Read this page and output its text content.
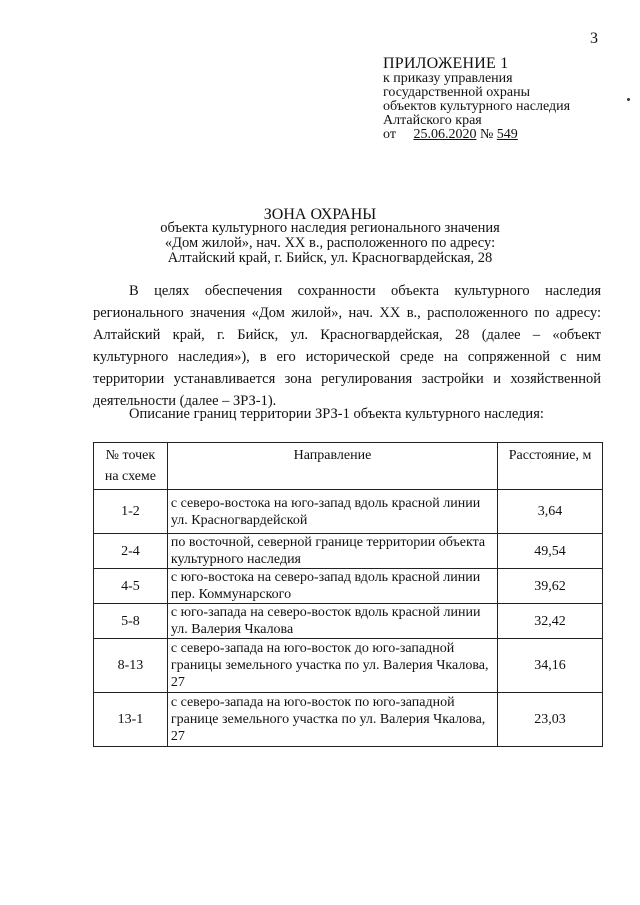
3
ПРИЛОЖЕНИЕ 1
к приказу управления
государственной охраны
объектов культурного наследия
Алтайского края
от 25.06.2020 № 549
ЗОНА ОХРАНЫ
объекта культурного наследия регионального значения
«Дом жилой», нач. XX в., расположенного по адресу:
Алтайский край, г. Бийск, ул. Красногвардейская, 28
В целях обеспечения сохранности объекта культурного наследия регионального значения «Дом жилой», нач. XX в., расположенного по адресу: Алтайский край, г. Бийск, ул. Красногвардейская, 28 (далее – «объект культурного наследия»), в его исторической среде на сопряженной с ним территории устанавливается зона регулирования застройки и хозяйственной деятельности (далее – ЗРЗ-1).
Описание границ территории ЗРЗ-1 объекта культурного наследия:
№ точек
на схеме	Направление	Расстояние, м
1-2	с северо-востока на юго-запад вдоль красной линии ул. Красногвардейской	3,64
2-4	по восточной, северной границе территории объекта культурного наследия	49,54
4-5	с юго-востока на северо-запад вдоль красной линии пер. Коммунарского	39,62
5-8	с юго-запада на северо-восток вдоль красной линии ул. Валерия Чкалова	32,42
8-13	с северо-запада на юго-восток до юго-западной границы земельного участка по ул. Валерия Чкалова, 27	34,16
13-1	с северо-запада на юго-восток по юго-западной границе земельного участка по ул. Валерия Чкалова, 27	23,03
